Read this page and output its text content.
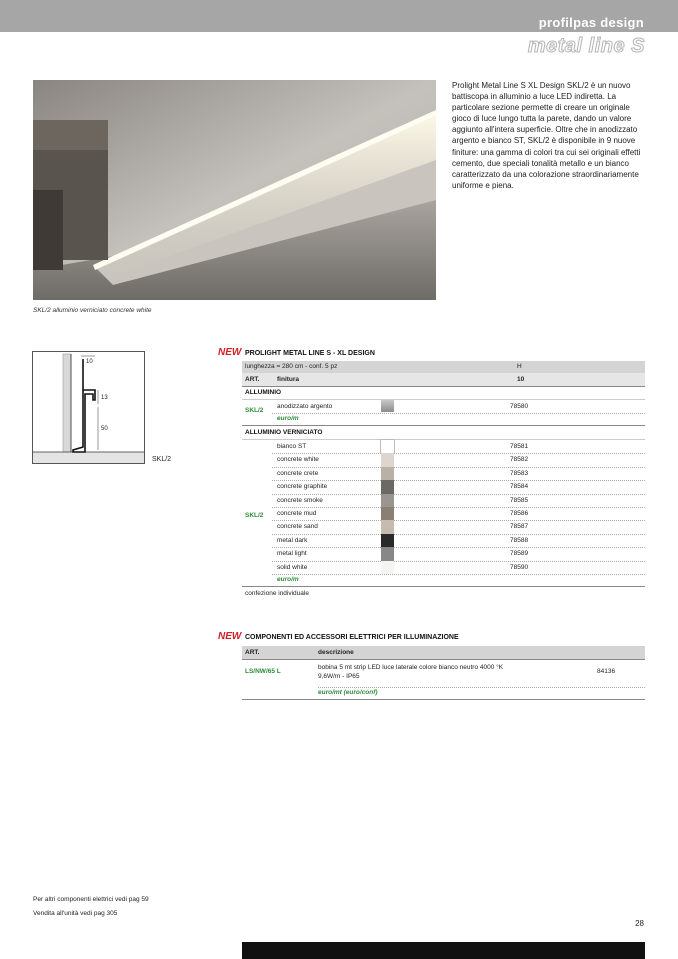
profilpas design
metal line S
SKL/2 alluminio verniciato concrete white
Prolight Metal Line S XL Design SKL/2 è un nuovo battiscopa in alluminio a luce LED indiretta. La particolare sezione permette di creare un originale gioco di luce lungo tutta la parete, dando un valore aggiunto all'intera superficie. Oltre che in anodizzato argento e bianco ST, SKL/2 è disponibile in 9 nuove finiture: una gamma di colori tra cui sei originali effetti cemento, due speciali tonalità metallo e un bianco caratterizzato da una colorazione straordinariamente uniforme e piena.
10
13
50
SKL/2
NEW PROLIGHT METAL LINE S - XL DESIGN
lunghezza = 280 cm - conf. 5 pz	H
ART.	finitura	10
ALLUMINIO
SKL/2
anodizzato argento	78580
euro/m
ALLUMINIO VERNICIATO
SKL/2
bianco ST	78581
concrete white	78582
concrete crete	78583
concrete graphite	78584
concrete smoke	78585
concrete mud	78586
concrete sand	78587
metal dark	78588
metal light	78589
solid white	78590
euro/m
confezione individuale
NEW COMPONENTI ED ACCESSORI ELETTRICI PER ILLUMINAZIONE
ART.	descrizione
LS/NW/65 L
bobina 5 mt strip LED luce laterale colore bianco neutro 4000 °K
9,6W/m - IP65
84136
euro/mt (euro/conf)
Per altri componenti elettrici vedi pag 59
Vendita all'unità vedi pag 305
28
